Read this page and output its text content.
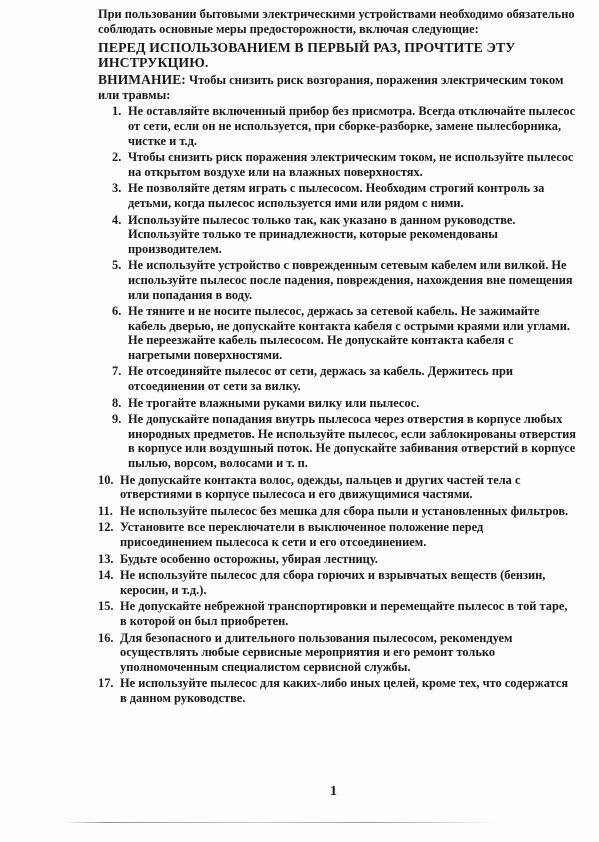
При пользовании бытовыми электрическими устройствами необходимо обязательно соблюдать основные меры предосторожности, включая следующие:

ПЕРЕД ИСПОЛЬЗОВАНИЕМ В ПЕРВЫЙ РАЗ, ПРОЧТИТЕ ЭТУ ИНСТРУКЦИЮ.

ВНИМАНИЕ: Чтобы снизить риск возгорания, поражения электрическим током или травмы:

1. Не оставляйте включенный прибор без присмотра. Всегда отключайте пылесос от сети, если он не используется, при сборке-разборке, замене пылесборника, чистке и т.д.
2. Чтобы снизить риск поражения электрическим током, не используйте пылесос на открытом воздухе или на влажных поверхностях.
3. Не позволяйте детям играть с пылесосом. Необходим строгий контроль за детьми, когда пылесос используется ими или рядом с ними.
4. Используйте пылесос только так, как указано в данном руководстве. Используйте только те принадлежности, которые рекомендованы производителем.
5. Не используйте устройство с поврежденным сетевым кабелем или вилкой. Не используйте пылесос после падения, повреждения, нахождения вне помещения или попадания в воду.
6. Не тяните и не носите пылесос, держась за сетевой кабель. Не зажимайте кабель дверью, не допускайте контакта кабеля с острыми краями или углами. Не переезжайте кабель пылесосом. Не допускайте контакта кабеля с нагретыми поверхностями.
7. Не отсоединяйте пылесос от сети, держась за кабель. Держитесь при отсоединении от сети за вилку.
8. Не трогайте влажными руками вилку или пылесос.
9. Не допускайте попадания внутрь пылесоса через отверстия в корпусе любых инородных предметов. Не используйте пылесос, если заблокированы отверстия в корпусе или воздушный поток. Не допускайте забивания отверстий в корпусе пылью, ворсом, волосами и т. п.
10. Не допускайте контакта волос, одежды, пальцев и других частей тела с отверстиями в корпусе пылесоса и его движущимися частями.
11. Не используйте пылесос без мешка для сбора пыли и установленных фильтров.
12. Установите все переключатели в выключенное положение перед присоединением пылесоса к сети и его отсоединением.
13. Будьте особенно осторожны, убирая лестницу.
14. Не используйте пылесос для сбора горючих и взрывчатых веществ (бензин, керосин, и т.д.).
15. Не допускайте небрежной транспортировки и перемещайте пылесос в той таре, в которой он был приобретен.
16. Для безопасного и длительного пользования пылесосом, рекомендуем осуществлять любые сервисные мероприятия и его ремонт только уполномоченным специалистом сервисной службы.
17. Не используйте пылесос для каких-либо иных целей, кроме тех, что содержатся в данном руководстве.
1
